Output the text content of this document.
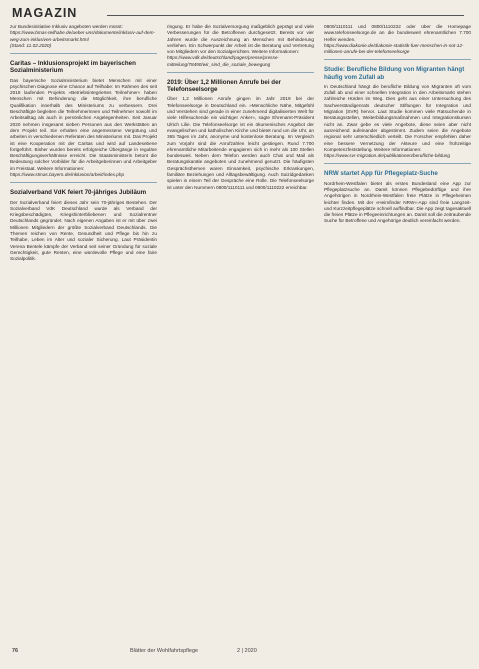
MAGAZIN

zur Bundesinitiative Inklusiv angeboten werden müsst:

https://www.bmas-teilhabe.de/ueber-uns/dokumente/inklusiv-auf-dem-weg-zum-inklusiven-arbeitsmarkt.html

(Stand: 11.02.2020)

Caritas – Inklusionsprojekt im bayerischen Sozialministerium

Das bayerische Sozialministerium bietet Menschen mit einer psychischen Diagnose eine Chance auf Teilhabe: Im Rahmen des seit 2018 laufenden Projekts »Betriebsintegriertes Teilnehmer« haben Menschen mit Behinderung die Möglichkeit, ihre berufliche Qualifikation innerhalb des Ministeriums zu verbessern. Drei Beschäftigte begleiten die Teilnehmerinnen und Teilnehmer sowohl im Arbeitsalltag als auch in persönlichen Angelegenheiten. Seit Januar 2020 nehmen insgesamt sieben Personen aus den Werkstätten an dem Projekt teil. Sie erhalten eine angemessene Vergütung und arbeiten in verschiedenen Referaten des Ministeriums mit. Das Projekt ist eine Kooperation mit der Caritas und wird auf Landesebene fortgeführt. Bisher wurden bereits erfolgreiche Übergänge in reguläre Beschäftigungsverhältnisse erreicht. Die Staatsministerin betont die Bedeutung solcher Vorbilder für die Arbeitgeberinnen und Arbeitgeber im Freistaat. Weitere Informationen:

https://www.stmas.bayern.de/inklusion/arbeit/index.php

Sozialverband VdK feiert 70-jähriges Jubiläum

Der Sozialverband feiert dieses Jahr sein 70-jähriges Bestehen. Der Sozialverband VdK Deutschland wurde als Verband der Kriegsbeschädigten, Kriegshinterbliebenen und Sozialrentner Deutschlands gegründet. Nach eigenen Angaben ist er mit über zwei Millionen Mitgliedern der größte Sozialverband Deutschlands. Die Themen reichen von Rente, Gesundheit und Pflege bis hin zu Teilhabe, Leben im Alter und sozialer Sicherung. Laut Präsidentin Verena Bentele kämpfe der Verband seit seiner Gründung für soziale Gerechtigkeit, gute Renten, eine würdevolle Pflege und eine faire Sozialpolitik.

ringung. Er habe die Sozialversorgung maßgeblich geprägt und viele Verbesserungen für die Betroffenen durchgesetzt. Bereits vor vier Jahren wurde die Auszeichnung an Menschen mit Behinderung verliehen. Ein Schwerpunkt der Arbeit ist die Beratung und Vertretung von Mitgliedern vor den Sozialgerichten. Weitere Informationen:

https://www.vdk.de/deutschland/pages/presse/presse-mitteilung/78490/wir_sind_die_soziale_bewegung

2019: Über 1,2 Millionen Anrufe bei der Telefonseelsorge

Über 1,2 Millionen Anrufe gingen im Jahr 2019 bei der Telefonseelsorge in Deutschland ein. »Menschliche Nähe, Mitgefühl und Verstehen sind gerade in einer zunehmend digitalisierten Welt für viele Hilfesuchende ein wichtiger Anker«, sagte Ehrenamt-Präsident Ulrich Lilie. Die Telefonseelsorge ist ein ökumenisches Angebot der evangelischen und katholischen Kirche und bietet rund um die Uhr, an 365 Tagen im Jahr, anonyme und kostenlose Beratung. Im Vergleich zum Vorjahr sind die Anrufzahlen leicht gestiegen. Rund 7.700 ehrenamtliche Mitarbeitende engagieren sich in mehr als 100 Stellen bundesweit. Neben dem Telefon werden auch Chat und Mail als Beratungskanäle angeboten und zunehmend genutzt. Die häufigsten Gesprächsthemen waren Einsamkeit, psychische Erkrankungen, familiäre Beziehungen und Alltagsbewältigung. Auch Suizidgedanken spielen in einem Teil der Gespräche eine Rolle. Die Telefonseelsorge ist unter den Nummern 0800/1110111 und 0800/1110222 erreichbar.

0800/1110111 und 0800/1110222 oder über die Homepage www.telefonseelsorge.de an die bundesweit ehrenamtlichen 7.700 Helfer wenden.

https://www.diakonie.de/diakonie-statistik-fuer-menschen-in-not-12-millionen-anrufe-bei-der-telefonseelsorge

Studie: Berufliche Bildung von Migranten hängt häufig vom Zufall ab

In Deutschland hängt die berufliche Bildung von Migranten oft vom Zufall ab und einer schnellen Integration in den Arbeitsmarkt stehen zahlreiche Hürden im Weg. Dies geht aus einer Untersuchung des Sachverständigenrats deutscher Stiftungen für Integration und Migration (SVR) hervor. Laut Studie kommen viele Ratsuchende in Beratungsstellen, Weiterbildungsmaßnahmen und Integrationskursen nicht an. Zwar gebe es viele Angebote, diese seien aber nicht ausreichend aufeinander abgestimmt. Zudem seien die Angebote regional sehr unterschiedlich verteilt. Die Forscher empfehlen daher eine bessere Vernetzung der Akteure und eine frühzeitige Kompetenzfeststellung. Weitere Informationen:

https://www.svr-migration.de/publikationen/berufliche-bildung

NRW startet App für Pflegeplatz-Suche

Nordrhein-Westfalen bietet als erstes Bundesland eine App zur Pflegeplatzsuche an. Damit können Pflegebedürftige und ihre Angehörigen in Nordrhein-Westfalen freie Plätze in Pflegeheimen leichter finden. Mit der »Heimfinder NRW«-App sind freie Langzeit- und Kurzzeitpflegeplätze schnell auffindbar. Die App zeigt tagesaktuell die freien Plätze in Pflegeeinrichtungen an. Damit soll die zeitraubende Suche für Betroffene und Angehörige deutlich vereinfacht werden.

76	Blätter der Wohlfahrtspflege	2 | 2020
